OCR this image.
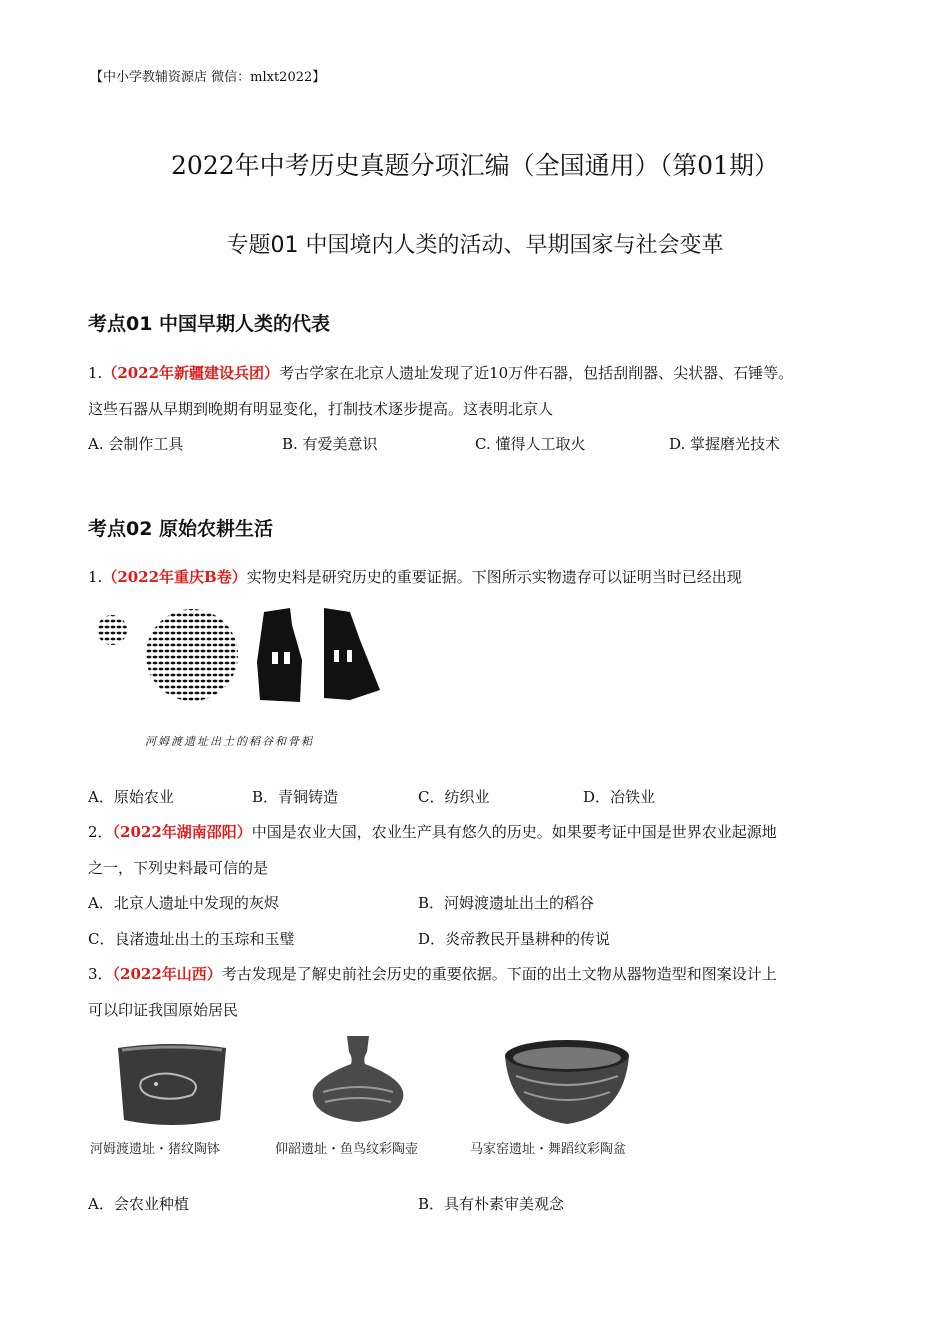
【中小学教辅资源店 微信：mlxt2022】
2022年中考历史真题分项汇编（全国通用）（第01期）
专题01 中国境内人类的活动、早期国家与社会变革
考点01 中国早期人类的代表
1.（2022年新疆建设兵团）考古学家在北京人遗址发现了近10万件石器，包括刮削器、尖状器、石锤等。
这些石器从早期到晚期有明显变化，打制技术逐步提高。这表明北京人
A. 会制作工具	B. 有爱美意识	C. 懂得人工取火	D. 掌握磨光技术
考点02 原始农耕生活
1.（2022年重庆B卷）实物史料是研究历史的重要证据。下图所示实物遗存可以证明当时已经出现
河姆渡遗址出土的稻谷和骨耜
A．原始农业	B．青铜铸造	C．纺织业	D．冶铁业
2．（2022年湖南邵阳）中国是农业大国，农业生产具有悠久的历史。如果要考证中国是世界农业起源地
之一，下列史料最可信的是
A．北京人遗址中发现的灰烬	B．河姆渡遗址出土的稻谷
C．良渚遗址出土的玉琮和玉璧	D．炎帝教民开垦耕种的传说
3．（2022年山西）考古发现是了解史前社会历史的重要依据。下面的出土文物从器物造型和图案设计上
可以印证我国原始居民
河姆渡遗址・猪纹陶钵	仰韶遗址・鱼鸟纹彩陶壶	马家窑遗址・舞蹈纹彩陶盆
A．会农业种植	B．具有朴素审美观念
